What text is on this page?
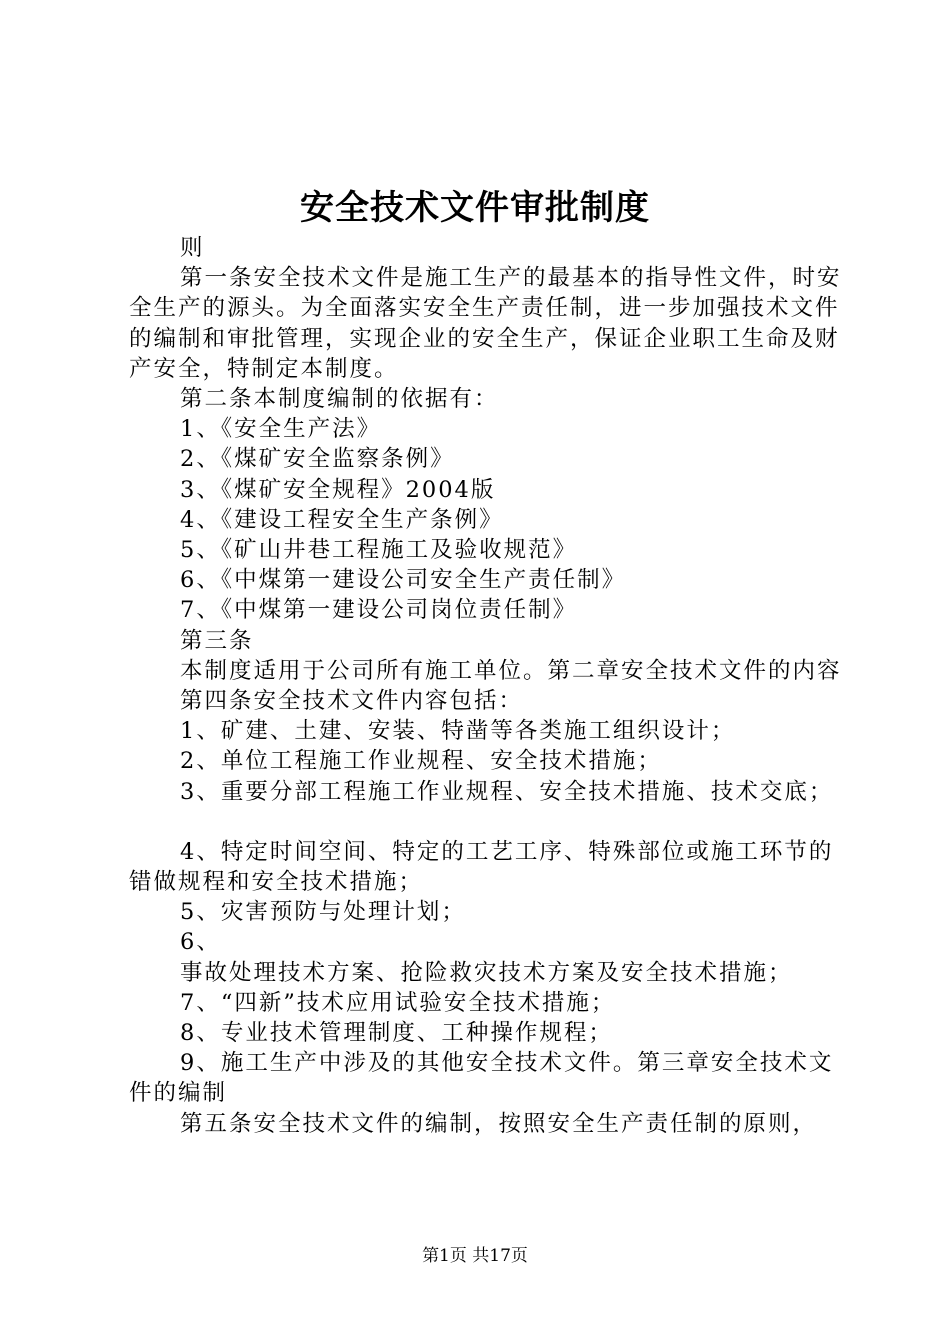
安全技术文件审批制度

则

第一条安全技术文件是施工生产的最基本的指导性文件，时安全生产的源头。为全面落实安全生产责任制，进一步加强技术文件的编制和审批管理，实现企业的安全生产，保证企业职工生命及财产安全，特制定本制度。

第二条本制度编制的依据有：

1、《安全生产法》

2、《煤矿安全监察条例》

3、《煤矿安全规程》2004版

4、《建设工程安全生产条例》

5、《矿山井巷工程施工及验收规范》

6、《中煤第一建设公司安全生产责任制》

7、《中煤第一建设公司岗位责任制》

第三条

本制度适用于公司所有施工单位。第二章安全技术文件的内容

第四条安全技术文件内容包括：

1、矿建、土建、安装、特凿等各类施工组织设计；

2、单位工程施工作业规程、安全技术措施；

3、重要分部工程施工作业规程、安全技术措施、技术交底；

4、特定时间空间、特定的工艺工序、特殊部位或施工环节的错做规程和安全技术措施；

5、灾害预防与处理计划；

6、

事故处理技术方案、抢险救灾技术方案及安全技术措施；

7、“四新”技术应用试验安全技术措施；

8、专业技术管理制度、工种操作规程；

9、施工生产中涉及的其他安全技术文件。第三章安全技术文件的编制

第五条安全技术文件的编制，按照安全生产责任制的原则，

第1页 共17页
